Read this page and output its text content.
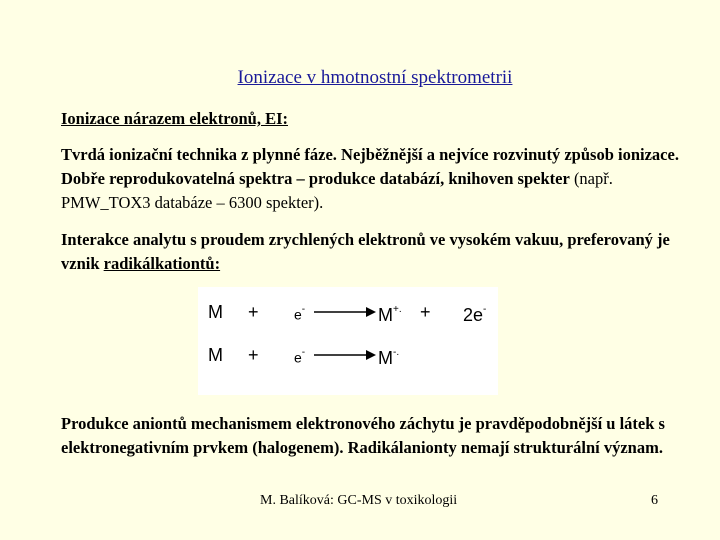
Ionizace v hmotnostní spektrometrii
Ionizace nárazem elektronů, EI:
Tvrdá ionizační technika z plynné fáze. Nejběžnější a nejvíce rozvinutý způsob ionizace. Dobře reprodukovatelná spektra – produkce databází, knihoven spekter (např. PMW_TOX3 databáze – 6300 spekter).
Interakce analytu s proudem zrychlených elektronů ve vysokém vakuu, preferovaný je vznik radikálkationtů:
M +	e- → M+. + 2e-
M +	e- → M-.
Produkce aniontů mechanismem elektronového záchytu je pravděpodobnější u látek s elektronegativním prvkem (halogenem). Radikálanionty nemají strukturální význam.
M. Balíková: GC-MS v toxikologii	6
